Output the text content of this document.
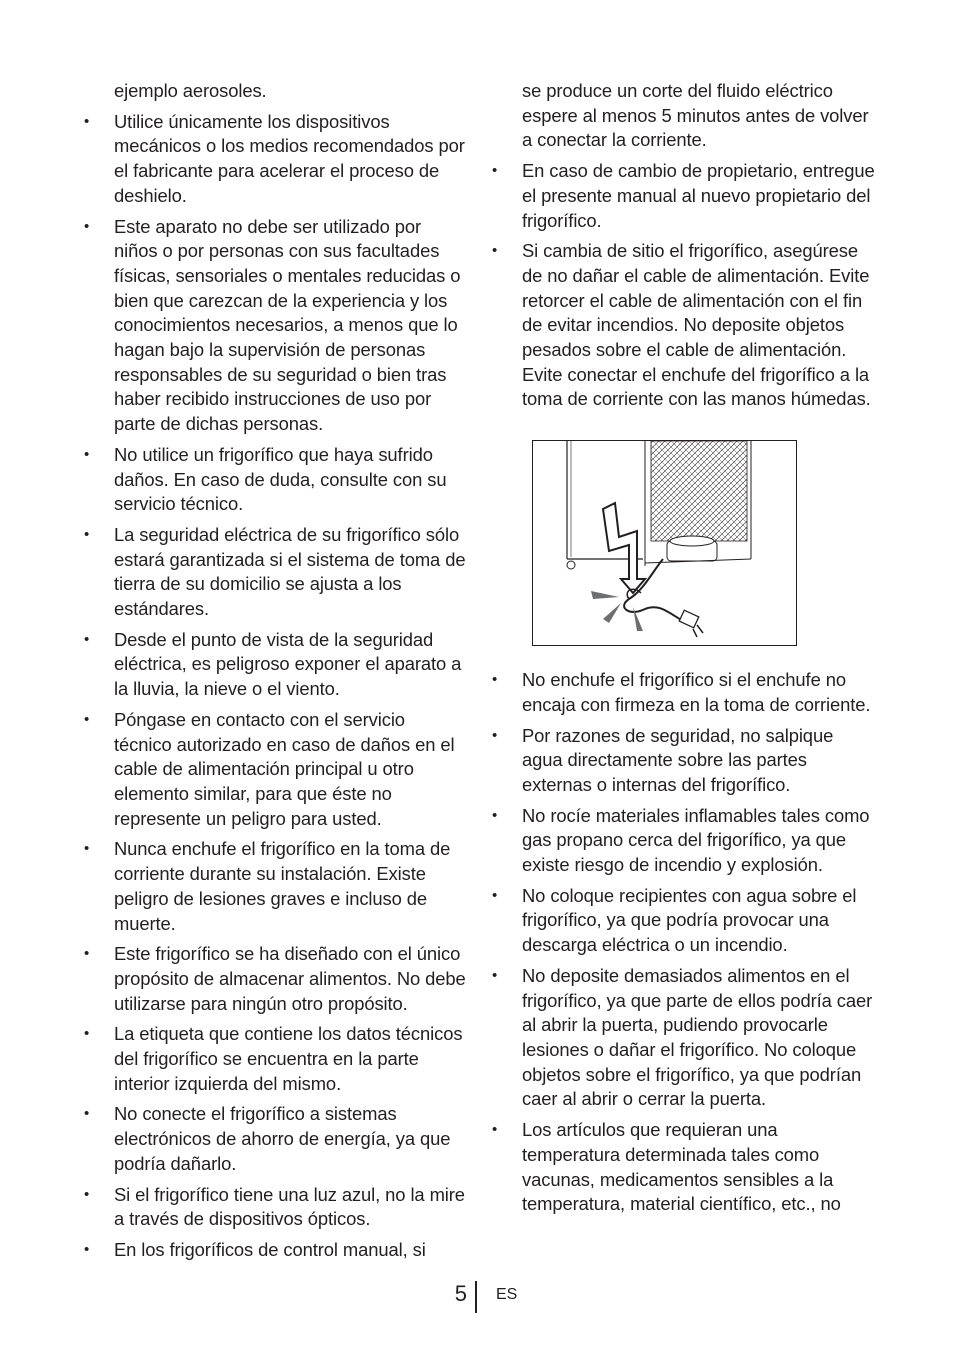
ejemplo aerosoles.
•	Utilice únicamente los dispositivos mecánicos o los medios recomendados por el fabricante para acelerar el proceso de deshielo.
•	Este aparato no debe ser utilizado por niños o por personas con sus facultades físicas, sensoriales o mentales reducidas o bien que carezcan de la experiencia y los conocimientos necesarios, a menos que lo hagan bajo la supervisión de personas responsables de su seguridad o bien tras haber recibido instrucciones de uso por parte de dichas personas.
•	No utilice un frigorífico que haya sufrido daños. En caso de duda, consulte con su servicio técnico.
•	La seguridad eléctrica de su frigorífico sólo estará garantizada si el sistema de toma de tierra de su domicilio se ajusta a los estándares.
•	Desde el punto de vista de la seguridad eléctrica, es peligroso exponer el aparato a la lluvia, la nieve o el viento.
•	Póngase en contacto con el servicio técnico autorizado en caso de daños en el cable de alimentación principal u otro elemento similar, para que éste no represente un peligro para usted.
•	Nunca enchufe el frigorífico en la toma de corriente durante su instalación. Existe peligro de lesiones graves e incluso de muerte.
•	Este frigorífico se ha diseñado con el único propósito de almacenar alimentos. No debe utilizarse para ningún otro propósito.
•	La etiqueta que contiene los datos técnicos del frigorífico se encuentra en la parte interior izquierda del mismo.
•	No conecte el frigorífico a sistemas electrónicos de ahorro de energía, ya que podría dañarlo.
•	Si el frigorífico tiene una luz azul, no la mire a través de dispositivos ópticos.
•	En los frigoríficos de control manual, si
se produce un corte del fluido eléctrico espere al menos 5 minutos antes de volver a conectar la corriente.
•	En caso de cambio de propietario, entregue el presente manual al nuevo propietario del frigorífico.
•	Si cambia de sitio el frigorífico, asegúrese de no dañar el cable de alimentación. Evite retorcer el cable de alimentación con el fin de evitar incendios. No deposite objetos pesados sobre el cable de alimentación. Evite conectar el enchufe del frigorífico a la toma de corriente con las manos húmedas.
•	No enchufe el frigorífico si el enchufe no encaja con firmeza en la toma de corriente.
•	Por razones de seguridad, no salpique agua directamente sobre las partes externas o internas del frigorífico.
•	No rocíe materiales inflamables tales como gas propano cerca del frigorífico, ya que existe riesgo de incendio y explosión.
•	No coloque recipientes con agua sobre el frigorífico, ya que podría provocar una descarga eléctrica o un incendio.
•	No deposite demasiados alimentos en el frigorífico, ya que parte de ellos podría caer al abrir la puerta, pudiendo provocarle lesiones o dañar el frigorífico. No coloque objetos sobre el frigorífico, ya que podrían caer al abrir o cerrar la puerta.
•	Los artículos que requieran una temperatura determinada tales como vacunas, medicamentos sensibles a la temperatura, material científico, etc., no
5 ES
